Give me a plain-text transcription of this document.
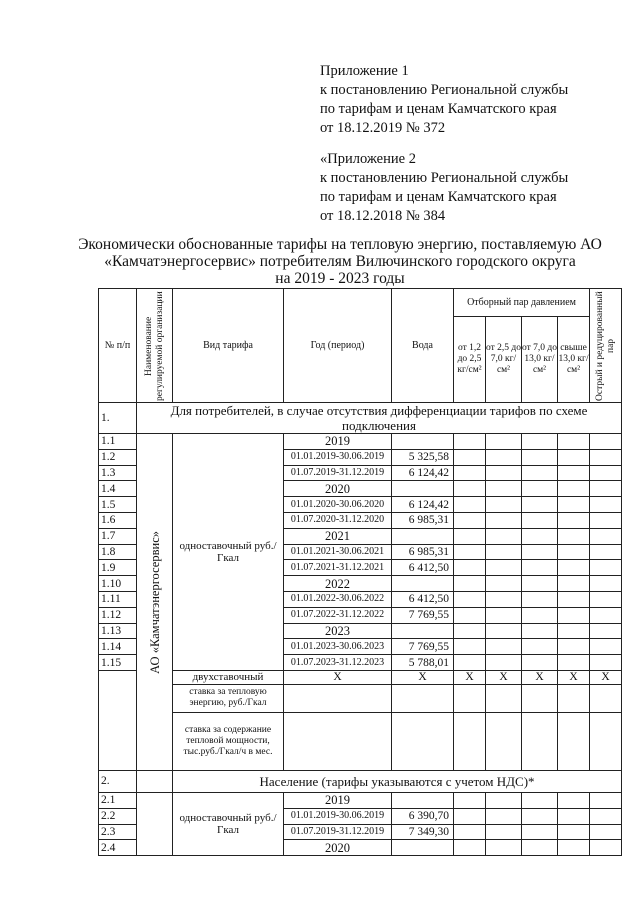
Приложение 1
к постановлению Региональной службы
по тарифам и ценам Камчатского края
от 18.12.2019 № 372
«Приложение 2
к постановлению Региональной службы
по тарифам и ценам Камчатского края
от 18.12.2018 № 384
Экономически обоснованные тарифы на тепловую энергию, поставляемую АО
«Камчатэнергосервис» потребителям Вилючинского городского округа
на 2019 - 2023 годы
№ п/п	Наименование регулируемой организации	Вид тарифа	Год (период)	Вода	Отборный пар давлением				Острый и редуцированный пар

					от 1,2 до 2,5 кг/см²	от 2,5 до 7,0 кг/см²	от 7,0 до 13,0 кг/см²	свыше 13,0 кг/см²	
1.	Для потребителей, в случае отсутствия дифференциации тарифов по схеме подключения								
1.1	АО «Камчатэнергосервис»	одноставочный руб./Гкал	2019						
1.2			01.01.2019-30.06.2019	5 325,58					
1.3			01.07.2019-31.12.2019	6 124,42					
1.4			2020						
1.5			01.01.2020-30.06.2020	6 124,42					
1.6			01.07.2020-31.12.2020	6 985,31					
1.7			2021						
1.8			01.01.2021-30.06.2021	6 985,31					
1.9			01.07.2021-31.12.2021	6 412,50					
1.10			2022						
1.11			01.01.2022-30.06.2022	6 412,50					
1.12			01.07.2022-31.12.2022	7 769,55					
1.13			2023						
1.14			01.01.2023-30.06.2023	7 769,55					
1.15			01.07.2023-31.12.2023	5 788,01					
		двухставочный	X	X	X	X	X	X	X
		ставка за тепловую энергию, руб./Гкал							
		ставка за содержание тепловой мощности, тыс.руб./Гкал/ч в мес.							
2.		Население (тарифы указываются с учетом НДС)*							
2.1		одноставочный руб./Гкал	2019						
2.2			01.01.2019-30.06.2019	6 390,70					
2.3			01.07.2019-31.12.2019	7 349,30					
2.4			2020						
